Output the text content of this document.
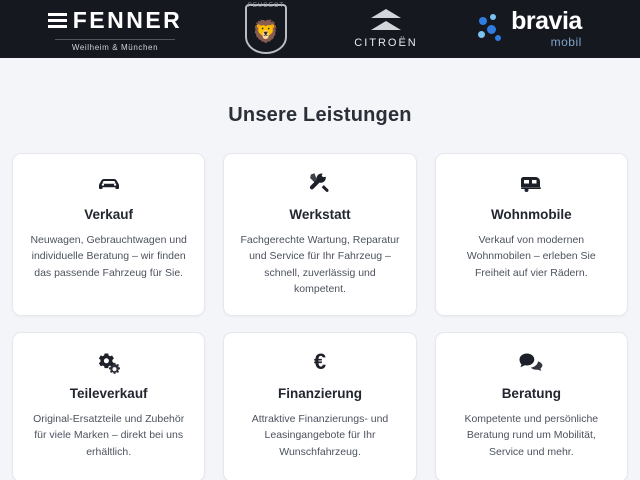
FENNER
Weilheim & München
PEUGEOT
🦁	CITROËN
bravia
mobil
Unsere Leistungen
Verkauf
Neuwagen, Gebrauchtwagen und individuelle Beratung – wir finden das passende Fahrzeug für Sie.
Werkstatt
Fachgerechte Wartung, Reparatur und Service für Ihr Fahrzeug – schnell, zuverlässig und kompetent.
Wohnmobile
Verkauf von modernen Wohnmobilen – erleben Sie Freiheit auf vier Rädern.
Teileverkauf
Original-Ersatzteile und Zubehör für viele Marken – direkt bei uns erhältlich.
€
Finanzierung
Attraktive Finanzierungs- und Leasingangebote für Ihr Wunschfahrzeug.
Beratung
Kompetente und persönliche Beratung rund um Mobilität, Service und mehr.
